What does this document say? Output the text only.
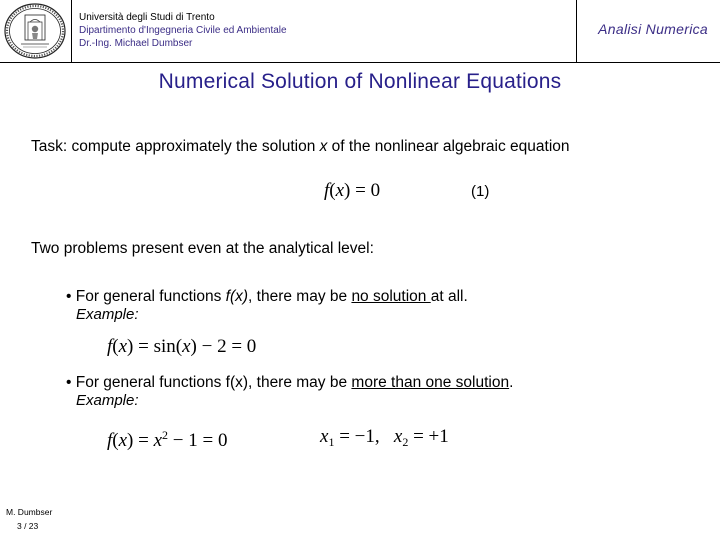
Università degli Studi di Trento
Dipartimento d'Ingegneria Civile ed Ambientale
Dr.-Ing. Michael Dumbser
Analisi Numerica
Numerical Solution of Nonlinear Equations
Task: compute approximately the solution x of the nonlinear algebraic equation
f(x) = 0	(1)
Two problems present even at the analytical level:
• For general functions f(x), there may be no solution at all.
Example:
f(x) = sin(x) − 2 = 0
• For general functions f(x), there may be more than one solution.
Example:
$f(x) = x^2 - 1 = 0$	$x_1 = -1$, $x_2 = +1$
M. Dumbser
3 / 23
